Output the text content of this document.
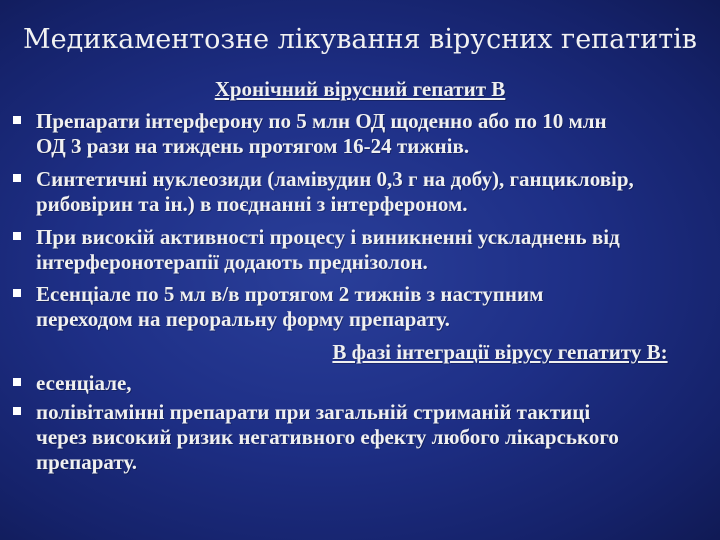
Медикаментозне лікування вірусних гепатитів
Хронічний вірусний гепатит В
Препарати інтерферону по 5 млн ОД щоденно або по 10 млн
ОД 3 рази на тиждень протягом 16-24 тижнів.
Синтетичні нуклеозиди (ламівудин 0,3 г на добу), ганцикловір,
рибовірин та ін.) в поєднанні з інтерфероном.
При високій активності процесу і виникненні ускладнень від
інтерферонотерапії додають преднізолон.
Есенціале по 5 мл в/в протягом 2 тижнів з наступним
переходом на пероральну форму препарату.
В фазі інтеграції вірусу гепатиту В:
есенціале,
полівітамінні препарати при загальній стриманій тактиці
через високий ризик негативного ефекту любого лікарського
препарату.
